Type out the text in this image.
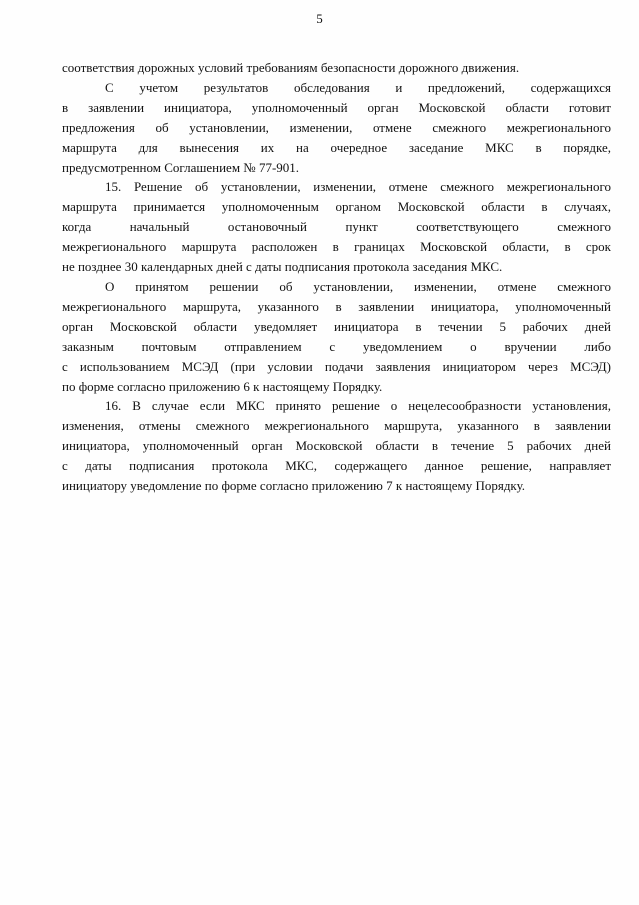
5
соответствия дорожных условий требованиям безопасности дорожного движения.
С учетом результатов обследования и предложений, содержащихся
в заявлении инициатора, уполномоченный орган Московской области готовит
предложения об установлении, изменении, отмене смежного межрегионального
маршрута для вынесения их на очередное заседание МКС в порядке,
предусмотренном Соглашением № 77-901.
15. Решение об установлении, изменении, отмене смежного межрегионального
маршрута принимается уполномоченным органом Московской области в случаях,
когда начальный остановочный пункт соответствующего смежного
межрегионального маршрута расположен в границах Московской области, в срок
не позднее 30 календарных дней с даты подписания протокола заседания МКС.
О принятом решении об установлении, изменении, отмене смежного
межрегионального маршрута, указанного в заявлении инициатора, уполномоченный
орган Московской области уведомляет инициатора в течении 5 рабочих дней
заказным почтовым отправлением с уведомлением о вручении либо
с использованием МСЭД (при условии подачи заявления инициатором через МСЭД)
по форме согласно приложению 6 к настоящему Порядку.
16. В случае если МКС принято решение о нецелесообразности установления,
изменения, отмены смежного межрегионального маршрута, указанного в заявлении
инициатора, уполномоченный орган Московской области в течение 5 рабочих дней
с даты подписания протокола МКС, содержащего данное решение, направляет
инициатору уведомление по форме согласно приложению 7 к настоящему Порядку.
